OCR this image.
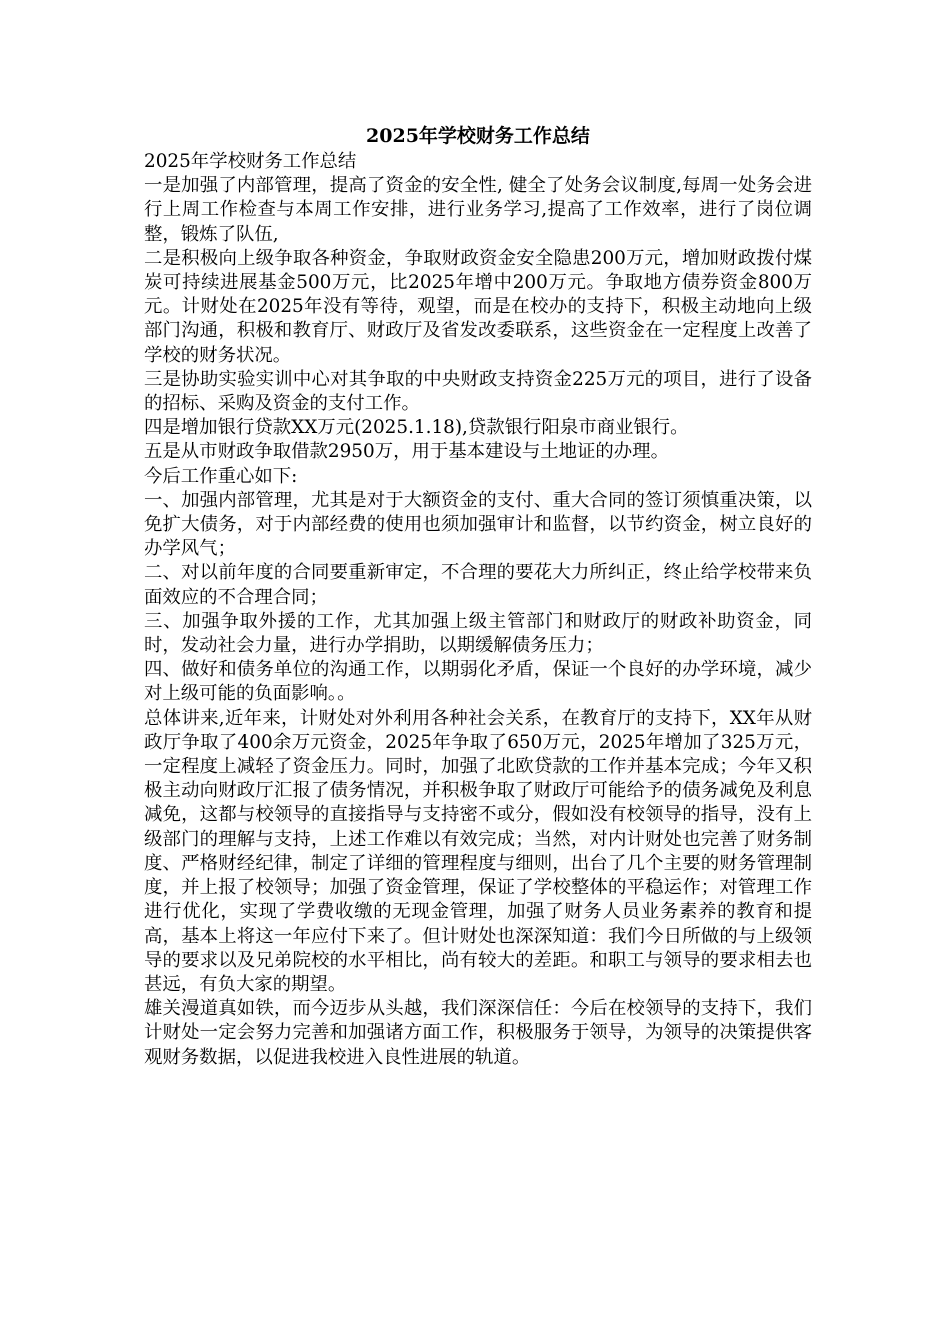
2025年学校财务工作总结

2025年学校财务工作总结

一是加强了内部管理，提高了资金的安全性, 健全了处务会议制度,每周一处务会进行上周工作检查与本周工作安排，进行业务学习,提高了工作效率，进行了岗位调整，锻炼了队伍,

二是积极向上级争取各种资金，争取财政资金安全隐患200万元，增加财政拨付煤炭可持续进展基金500万元，比2025年增中200万元。争取地方债券资金800万元。计财处在2025年没有等待，观望，而是在校办的支持下，积极主动地向上级部门沟通，积极和教育厅、财政厅及省发改委联系，这些资金在一定程度上改善了学校的财务状况。

三是协助实验实训中心对其争取的中央财政支持资金225万元的项目，进行了设备的招标、采购及资金的支付工作。

四是增加银行贷款XX万元(2025.1.18),贷款银行阳泉市商业银行。

五是从市财政争取借款2950万，用于基本建设与土地证的办理。

今后工作重心如下:

一、加强内部管理，尤其是对于大额资金的支付、重大合同的签订须慎重决策，以免扩大债务，对于内部经费的使用也须加强审计和监督，以节约资金，树立良好的办学风气；

二、对以前年度的合同要重新审定，不合理的要花大力所纠正，终止给学校带来负面效应的不合理合同；

三、加强争取外援的工作，尤其加强上级主管部门和财政厅的财政补助资金，同时，发动社会力量，进行办学捐助，以期缓解债务压力；

四、做好和债务单位的沟通工作，以期弱化矛盾，保证一个良好的办学环境，减少对上级可能的负面影响。。

总体讲来,近年来，计财处对外利用各种社会关系，在教育厅的支持下，XX年从财政厅争取了400余万元资金，2025年争取了650万元，2025年增加了325万元，一定程度上减轻了资金压力。同时，加强了北欧贷款的工作并基本完成；今年又积极主动向财政厅汇报了债务情况，并积极争取了财政厅可能给予的债务减免及利息减免，这都与校领导的直接指导与支持密不或分，假如没有校领导的指导，没有上级部门的理解与支持，上述工作难以有效完成；当然，对内计财处也完善了财务制度、严格财经纪律，制定了详细的管理程度与细则，出台了几个主要的财务管理制度，并上报了校领导；加强了资金管理，保证了学校整体的平稳运作；对管理工作进行优化，实现了学费收缴的无现金管理，加强了财务人员业务素养的教育和提高，基本上将这一年应付下来了。但计财处也深深知道：我们今日所做的与上级领导的要求以及兄弟院校的水平相比，尚有较大的差距。和职工与领导的要求相去也甚远，有负大家的期望。

雄关漫道真如铁，而今迈步从头越，我们深深信任：今后在校领导的支持下，我们计财处一定会努力完善和加强诸方面工作，积极服务于领导，为领导的决策提供客观财务数据，以促进我校进入良性进展的轨道。
